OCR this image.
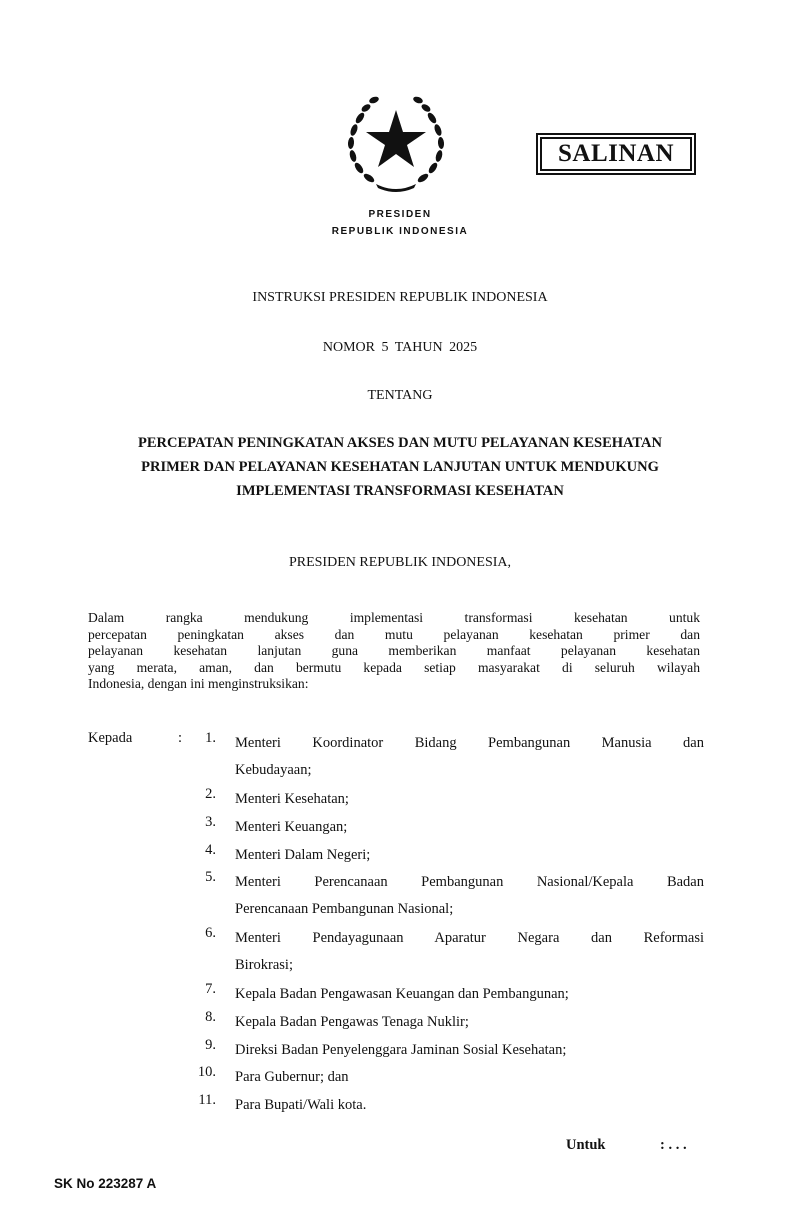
SALINAN
PRESIDEN
REPUBLIK INDONESIA
INSTRUKSI PRESIDEN REPUBLIK INDONESIA
NOMOR 5 TAHUN 2025
TENTANG
PERCEPATAN PENINGKATAN AKSES DAN MUTU PELAYANAN KESEHATAN
PRIMER DAN PELAYANAN KESEHATAN LANJUTAN UNTUK MENDUKUNG
IMPLEMENTASI TRANSFORMASI KESEHATAN
PRESIDEN REPUBLIK INDONESIA,
Dalam rangka mendukung implementasi transformasi kesehatan untuk
percepatan peningkatan akses dan mutu pelayanan kesehatan primer dan
pelayanan kesehatan lanjutan guna memberikan manfaat pelayanan kesehatan
yang merata, aman, dan bermutu kepada setiap masyarakat di seluruh wilayah
Indonesia, dengan ini menginstruksikan:
Kepada	:	1. Menteri Koordinator Bidang Pembangunan Manusia dan
Kebudayaan;
2. Menteri Kesehatan;
3. Menteri Keuangan;
4. Menteri Dalam Negeri;
5. Menteri Perencanaan Pembangunan Nasional/Kepala Badan
Perencanaan Pembangunan Nasional;
6. Menteri Pendayagunaan Aparatur Negara dan Reformasi
Birokrasi;
7. Kepala Badan Pengawasan Keuangan dan Pembangunan;
8. Kepala Badan Pengawas Tenaga Nuklir;
9. Direksi Badan Penyelenggara Jaminan Sosial Kesehatan;
10. Para Gubernur; dan
11. Para Bupati/Wali kota.
Untuk	: . . .
SK No 223287 A
